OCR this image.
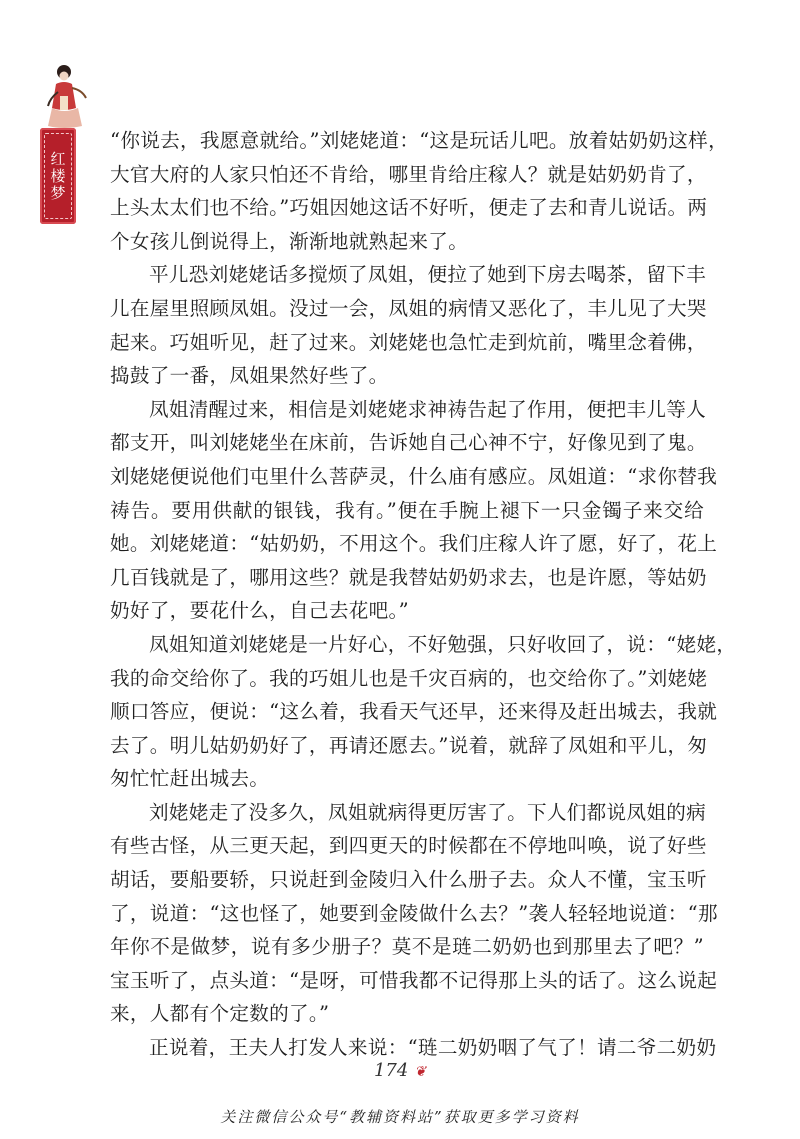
红楼梦
“你说去，我愿意就给。”刘姥姥道：“这是玩话儿吧。放着姑奶奶这样，
大官大府的人家只怕还不肯给，哪里肯给庄稼人？就是姑奶奶肯了，
上头太太们也不给。”巧姐因她这话不好听，便走了去和青儿说话。两
个女孩儿倒说得上，渐渐地就熟起来了。
平儿恐刘姥姥话多搅烦了凤姐，便拉了她到下房去喝茶，留下丰
儿在屋里照顾凤姐。没过一会，凤姐的病情又恶化了，丰儿见了大哭
起来。巧姐听见，赶了过来。刘姥姥也急忙走到炕前，嘴里念着佛，
捣鼓了一番，凤姐果然好些了。
凤姐清醒过来，相信是刘姥姥求神祷告起了作用，便把丰儿等人
都支开，叫刘姥姥坐在床前，告诉她自己心神不宁，好像见到了鬼。
刘姥姥便说他们屯里什么菩萨灵，什么庙有感应。凤姐道：“求你替我
祷告。要用供献的银钱，我有。”便在手腕上褪下一只金镯子来交给
她。刘姥姥道：“姑奶奶，不用这个。我们庄稼人许了愿，好了，花上
几百钱就是了，哪用这些？就是我替姑奶奶求去，也是许愿，等姑奶
奶好了，要花什么，自己去花吧。”
凤姐知道刘姥姥是一片好心，不好勉强，只好收回了，说：“姥姥，
我的命交给你了。我的巧姐儿也是千灾百病的，也交给你了。”刘姥姥
顺口答应，便说：“这么着，我看天气还早，还来得及赶出城去，我就
去了。明儿姑奶奶好了，再请还愿去。”说着，就辞了凤姐和平儿，匆
匆忙忙赶出城去。
刘姥姥走了没多久，凤姐就病得更厉害了。下人们都说凤姐的病
有些古怪，从三更天起，到四更天的时候都在不停地叫唤，说了好些
胡话，要船要轿，只说赶到金陵归入什么册子去。众人不懂，宝玉听
了，说道：“这也怪了，她要到金陵做什么去？”袭人轻轻地说道：“那
年你不是做梦，说有多少册子？莫不是琏二奶奶也到那里去了吧？”
宝玉听了，点头道：“是呀，可惜我都不记得那上头的话了。这么说起
来，人都有个定数的了。”
正说着，王夫人打发人来说：“琏二奶奶咽了气了！请二爷二奶奶
174 ❦
关注微信公众号“教辅资料站”获取更多学习资料
